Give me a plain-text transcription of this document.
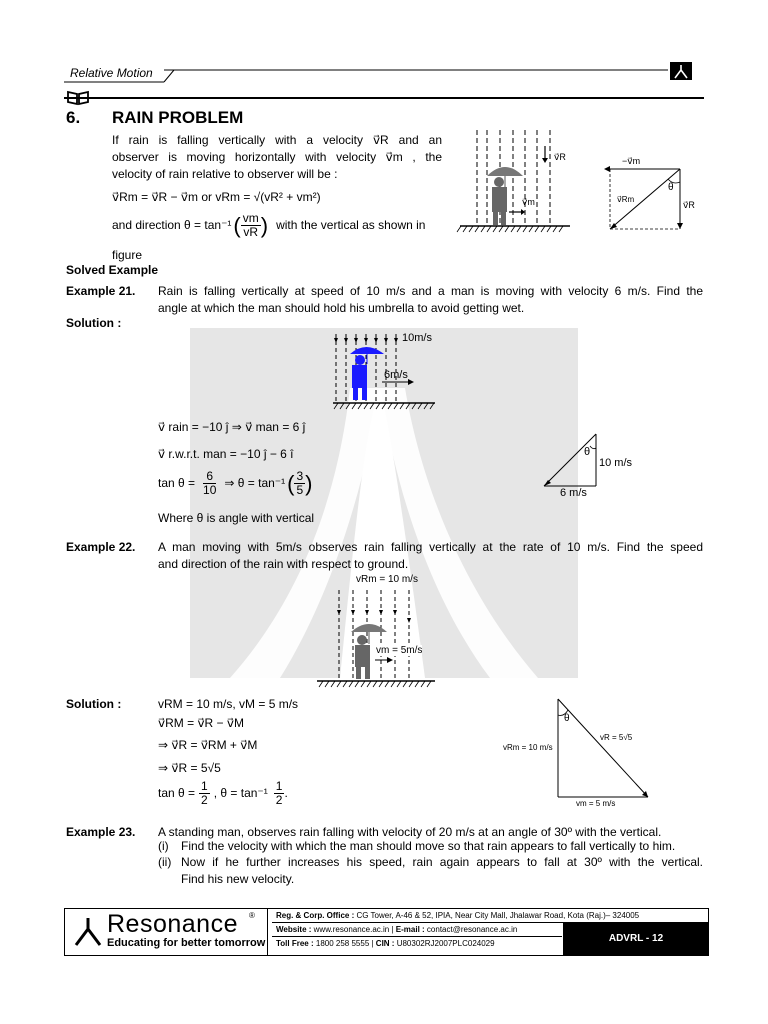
Relative Motion
6. RAIN PROBLEM
If rain is falling vertically with a velocity v⃗R and an
observer is moving horizontally with velocity v⃗m , the
velocity of rain relative to observer will be :
v⃗Rm = v⃗R − v⃗m or vRm = √(vR² + vm²)
and direction θ = tan⁻¹ ( $\frac{vm}{vR}$ ) with the vertical as shown in
figure
v⃗R
v⃗m
−v⃗m
θ
v⃗Rm
v⃗R
Solved Example
Example 21. Rain is falling vertically at speed of 10 m/s and a man is moving with velocity 6 m/s. Find the
angle at which the man should hold his umbrella to avoid getting wet.
Solution :
10m/s
6m/s
v⃗ rain = −10 ĵ ⇒ v⃗ man = 6 ĵ
v⃗ r.w.r.t. man = −10 ĵ − 6 î
$\tan \theta = \frac{6}{10}$ ⇒ θ = tan⁻¹ ( $\frac{3}{5}$ )
Where θ is angle with vertical
θ
10 m/s
6 m/s
Example 22. A man moving with 5m/s observes rain falling vertically at the rate of 10 m/s. Find the speed
and direction of the rain with respect to ground.
vRm = 10 m/s
vm = 5m/s
Solution :	vRM = 10 m/s, vM = 5 m/s
v⃗RM = v⃗R − v⃗M
⇒ v⃗R = v⃗RM + v⃗M
⇒ v⃗R = 5√5
$\tan \theta = \frac{1}{2}$ , $\theta = \tan^{-1} \frac{1}{2}$ .
θ
vRm = 10 m/s
vR = 5√5
vm = 5 m/s
Example 23. A standing man, observes rain falling with velocity of 20 m/s at an angle of 30º with the vertical.
(i) Find the velocity with which the man should move so that rain appears to fall vertically to him.
(ii) Now if he further increases his speed, rain again appears to fall at 30º with the vertical.
Find his new velocity.
Resonance ®
Educating for better tomorrow
Reg. & Corp. Office : CG Tower, A-46 & 52, IPIA, Near City Mall, Jhalawar Road, Kota (Raj.)– 324005
Website : www.resonance.ac.in | E-mail : contact@resonance.ac.in
Toll Free : 1800 258 5555 | CIN : U80302RJ2007PLC024029	ADVRL - 12
